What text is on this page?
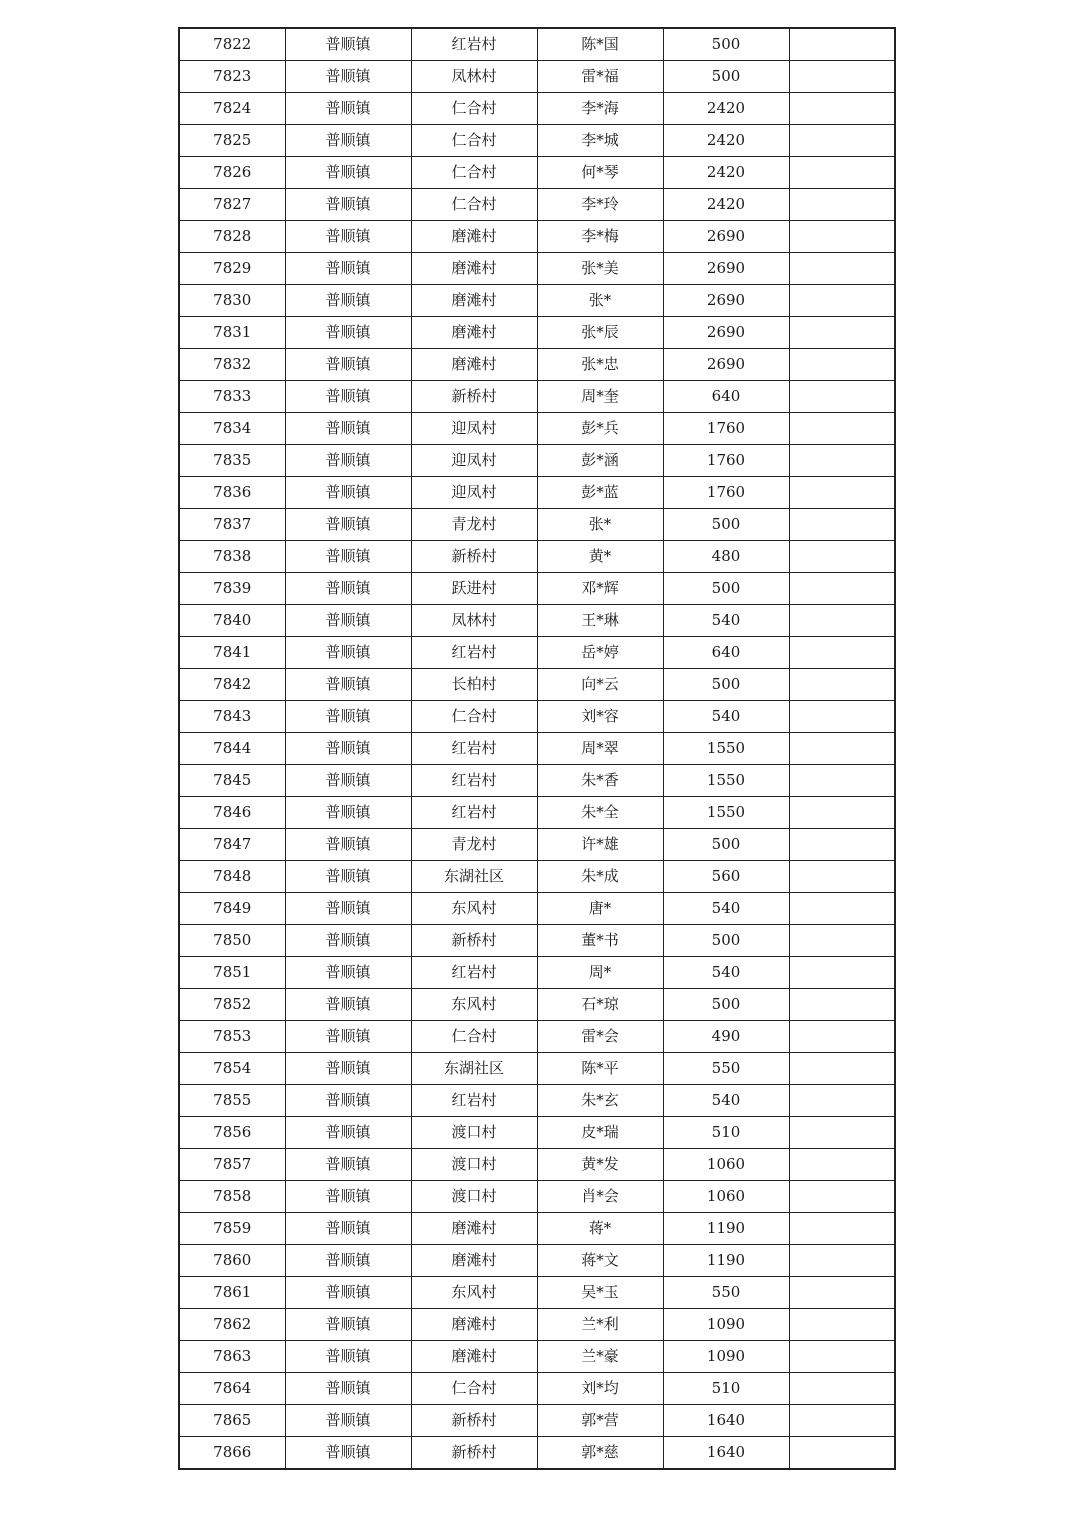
7822	普顺镇	红岩村	陈*国	500	
7823	普顺镇	凤林村	雷*福	500	
7824	普顺镇	仁合村	李*海	2420	
7825	普顺镇	仁合村	李*城	2420	
7826	普顺镇	仁合村	何*琴	2420	
7827	普顺镇	仁合村	李*玲	2420	
7828	普顺镇	磨滩村	李*梅	2690	
7829	普顺镇	磨滩村	张*美	2690	
7830	普顺镇	磨滩村	张*	2690	
7831	普顺镇	磨滩村	张*辰	2690	
7832	普顺镇	磨滩村	张*忠	2690	
7833	普顺镇	新桥村	周*奎	640	
7834	普顺镇	迎凤村	彭*兵	1760	
7835	普顺镇	迎凤村	彭*涵	1760	
7836	普顺镇	迎凤村	彭*蓝	1760	
7837	普顺镇	青龙村	张*	500	
7838	普顺镇	新桥村	黄*	480	
7839	普顺镇	跃进村	邓*辉	500	
7840	普顺镇	凤林村	王*琳	540	
7841	普顺镇	红岩村	岳*婷	640	
7842	普顺镇	长柏村	向*云	500	
7843	普顺镇	仁合村	刘*容	540	
7844	普顺镇	红岩村	周*翠	1550	
7845	普顺镇	红岩村	朱*香	1550	
7846	普顺镇	红岩村	朱*全	1550	
7847	普顺镇	青龙村	许*雄	500	
7848	普顺镇	东湖社区	朱*成	560	
7849	普顺镇	东风村	唐*	540	
7850	普顺镇	新桥村	董*书	500	
7851	普顺镇	红岩村	周*	540	
7852	普顺镇	东风村	石*琼	500	
7853	普顺镇	仁合村	雷*会	490	
7854	普顺镇	东湖社区	陈*平	550	
7855	普顺镇	红岩村	朱*玄	540	
7856	普顺镇	渡口村	皮*瑞	510	
7857	普顺镇	渡口村	黄*发	1060	
7858	普顺镇	渡口村	肖*会	1060	
7859	普顺镇	磨滩村	蒋*	1190	
7860	普顺镇	磨滩村	蒋*文	1190	
7861	普顺镇	东风村	吴*玉	550	
7862	普顺镇	磨滩村	兰*利	1090	
7863	普顺镇	磨滩村	兰*豪	1090	
7864	普顺镇	仁合村	刘*均	510	
7865	普顺镇	新桥村	郭*营	1640	
7866	普顺镇	新桥村	郭*慈	1640	
